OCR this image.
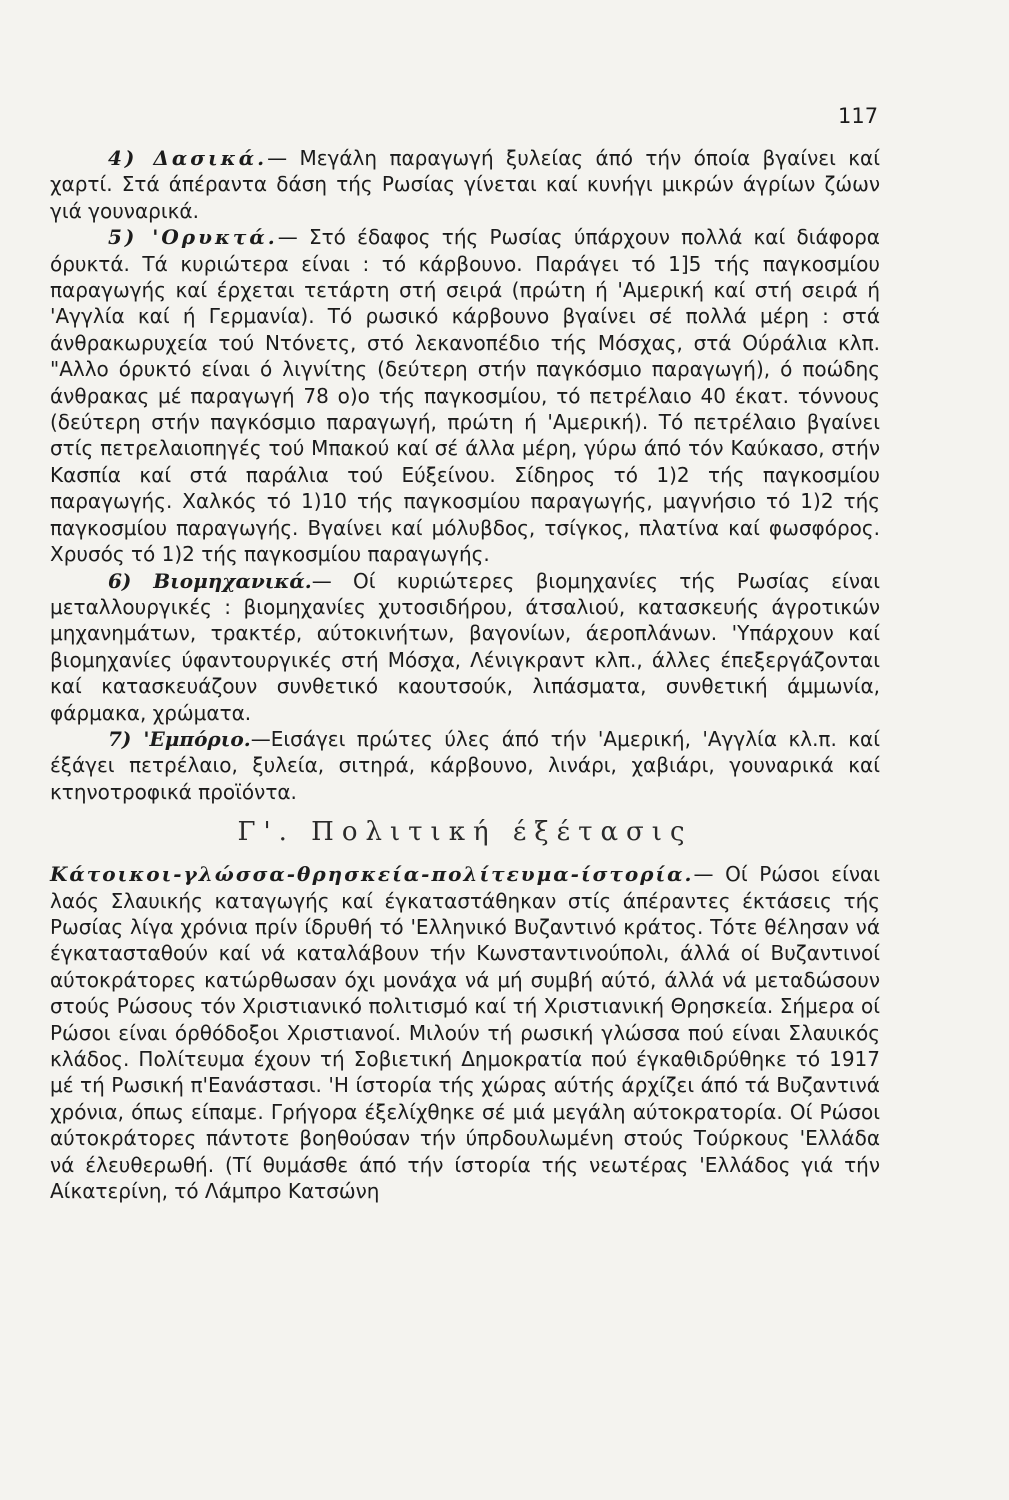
117

4) Δασικά.— Μεγάλη παραγωγή ξυλείας άπό τήν όποία βγαίνει καί χαρτί. Στά άπέραντα δάση τής Ρωσίας γίνεται καί κυνήγι μικρών άγρίων ζώων γιά γουναρικά.

5) 'Ορυκτά.— Στό έδαφος τής Ρωσίας ύπάρχουν πολλά καί διάφορα όρυκτά. Τά κυριώτερα είναι : τό κάρβουνο. Παράγει τό 1]5 τής παγκοσμίου παραγωγής καί έρχεται τετάρτη στή σειρά (πρώτη ή 'Αμερική καί στή σειρά ή 'Αγγλία καί ή Γερμανία). Τό ρωσικό κάρβουνο βγαίνει σέ πολλά μέρη : στά άνθρακωρυχεία τού Ντόνετς, στό λεκανοπέδιο τής Μόσχας, στά Ούράλια κλπ. "Αλλο όρυκτό είναι ό λιγνίτης (δεύτερη στήν παγκόσμιο παραγωγή), ό ποώδης άνθρακας μέ παραγωγή 78 ο)ο τής παγκοσμίου, τό πετρέλαιο 40 έκατ. τόννους (δεύτερη στήν παγκόσμιο παραγωγή, πρώτη ή 'Αμερική). Τό πετρέλαιο βγαίνει στίς πετρελαιοπηγές τού Μπακού καί σέ άλλα μέρη, γύρω άπό τόν Καύκασο, στήν Κασπία καί στά παράλια τού Εύξείνου. Σίδηρος τό 1)2 τής παγκοσμίου παραγωγής. Χαλκός τό 1)10 τής παγκοσμίου παραγωγής, μαγνήσιο τό 1)2 τής παγκοσμίου παραγωγής. Βγαίνει καί μόλυβδος, τσίγκος, πλατίνα καί φωσφόρος. Χρυσός τό 1)2 τής παγκοσμίου παραγωγής.

6) Βιομηχανικά.— Οί κυριώτερες βιομηχανίες τής Ρωσίας είναι μεταλλουργικές : βιομηχανίες χυτοσιδήρου, άτσαλιού, κατασκευής άγροτικών μηχανημάτων, τρακτέρ, αύτοκινήτων, βαγονίων, άεροπλάνων. 'Υπάρχουν καί βιομηχανίες ύφαντουργικές στή Μόσχα, Λένιγκραντ κλπ., άλλες έπεξεργάζονται καί κατασκευάζουν συνθετικό καουτσούκ, λιπάσματα, συνθετική άμμωνία, φάρμακα, χρώματα.

7) 'Εμπόριο.—Εισάγει πρώτες ύλες άπό τήν 'Αμερική, 'Αγγλία κλ.π. καί έξάγει πετρέλαιο, ξυλεία, σιτηρά, κάρβουνο, λινάρι, χαβιάρι, γουναρικά καί κτηνοτροφικά προϊόντα.

Γ'. Πολιτική έξέτασις

Κάτοικοι-γλώσσα-θρησκεία-πολίτευμα-ίστορία.— Οί Ρώσοι είναι λαός Σλαυικής καταγωγής καί έγκαταστάθηκαν στίς άπέραντες έκτάσεις τής Ρωσίας λίγα χρόνια πρίν ίδρυθή τό 'Ελληνικό Βυζαντινό κράτος. Τότε θέλησαν νά έγκατασταθούν καί νά καταλάβουν τήν Κωνσταντινούπολι, άλλά οί Βυζαντινοί αύτοκράτορες κατώρθωσαν όχι μονάχα νά μή συμβή αύτό, άλλά νά μεταδώσουν στούς Ρώσους τόν Χριστιανικό πολιτισμό καί τή Χριστιανική Θρησκεία. Σήμερα οί Ρώσοι είναι όρθόδοξοι Χριστιανοί. Μιλούν τή ρωσική γλώσσα πού είναι Σλαυικός κλάδος. Πολίτευμα έχουν τή Σοβιετική Δημοκρατία πού έγκαθιδρύθηκε τό 1917 μέ τή Ρωσική π'Εανάστασι. 'Η ίστορία τής χώρας αύτής άρχίζει άπό τά Βυζαντινά χρόνια, όπως είπαμε. Γρήγορα έξελίχθηκε σέ μιά μεγάλη αύτοκρατορία. Οί Ρώσοι αύτοκράτορες πάντοτε βοηθούσαν τήν ύπρδουλωμένη στούς Τούρκους 'Ελλάδα νά έλευθερωθή. (Τί θυμάσθε άπό τήν ίστορία τής νεωτέρας 'Ελλάδος γιά τήν Αίκατερίνη, τό Λάμπρο Κατσώνη
